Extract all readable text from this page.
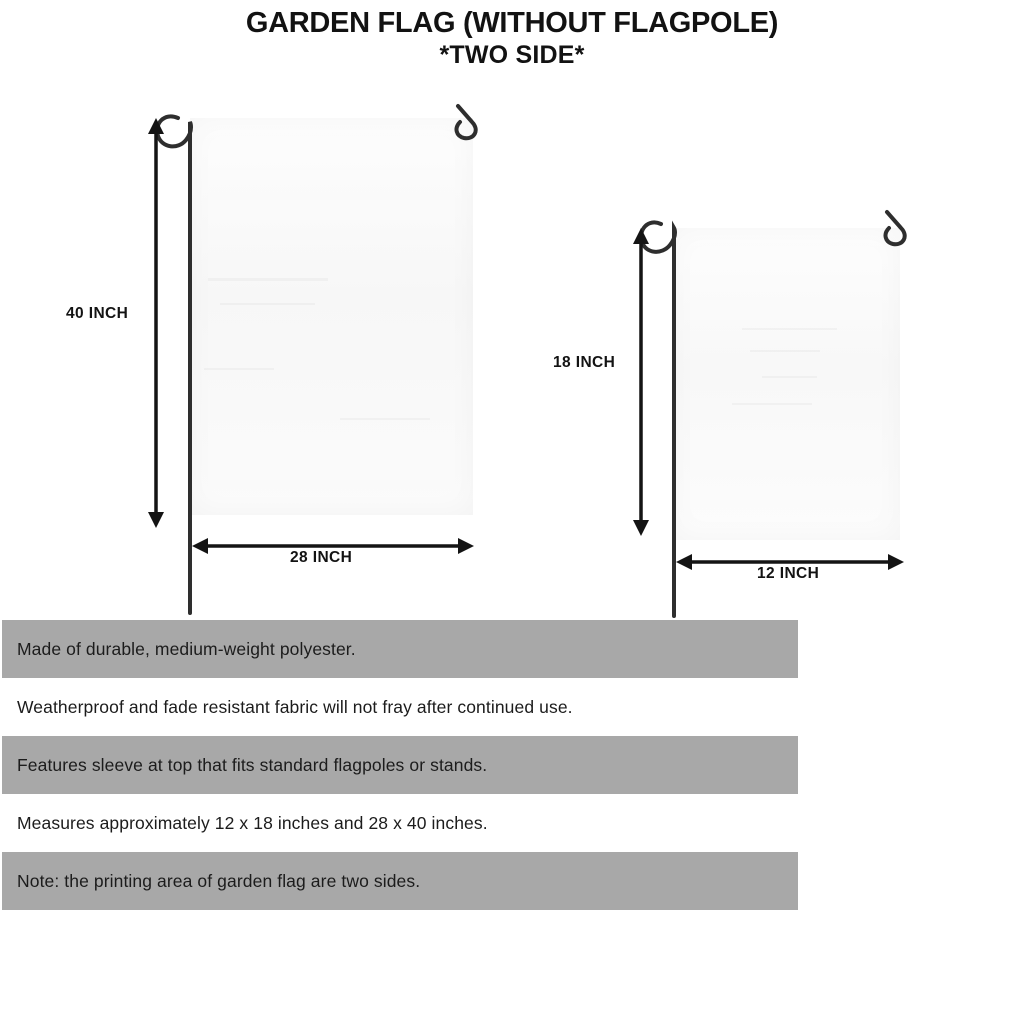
GARDEN FLAG (WITHOUT FLAGPOLE)
*TWO SIDE*
40 INCH
28 INCH
18 INCH
12 INCH
Made of durable, medium-weight polyester.
Weatherproof and fade resistant fabric will not fray after continued use.
Features sleeve at top that fits standard flagpoles or stands.
Measures approximately 12 x 18 inches and 28 x 40 inches.
Note: the printing area of garden flag are two sides.
